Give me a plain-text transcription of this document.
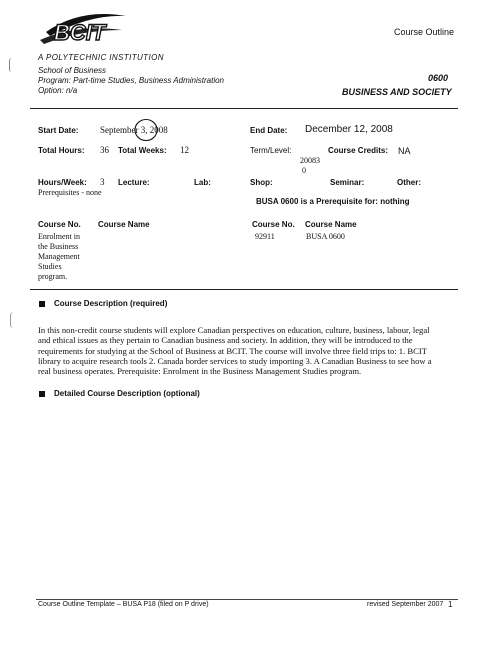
BCIT	Course Outline
A POLYTECHNIC INSTITUTION
School of Business
Program: Part-time Studies, Business Administration
Option: n/a
0600
BUSINESS AND SOCIETY
Start Date: September 3, 2008	End Date: December 12, 2008
Total Hours: 36 Total Weeks: 12	Term/Level:
20083
0
Course Credits: NA
Hours/Week: 3 Lecture:	Lab:	Shop:	Seminar:	Other:
Prerequisites - none
BUSA 0600 is a Prerequisite for: nothing
Course No. Course Name
Enrolment in
the Business
Management
Studies
program.
Course No. Course Name
92911	BUSA 0600
Course Description (required)
In this non-credit course students will explore Canadian perspectives on education, culture, business, labour, legal
and ethical issues as they pertain to Canadian business and society. In addition, they will be introduced to the
requirements for studying at the School of Business at BCIT. The course will involve three field trips to: 1. BCIT
library to acquire research tools 2. Canada border services to study importing 3. A Canadian Business to see how a
real business operates. Prerequisite: Enrolment in the Business Management Studies program.
Detailed Course Description (optional)
Course Outline Template – BUSA P18 (filed on P drive)	revised September 2007 1
